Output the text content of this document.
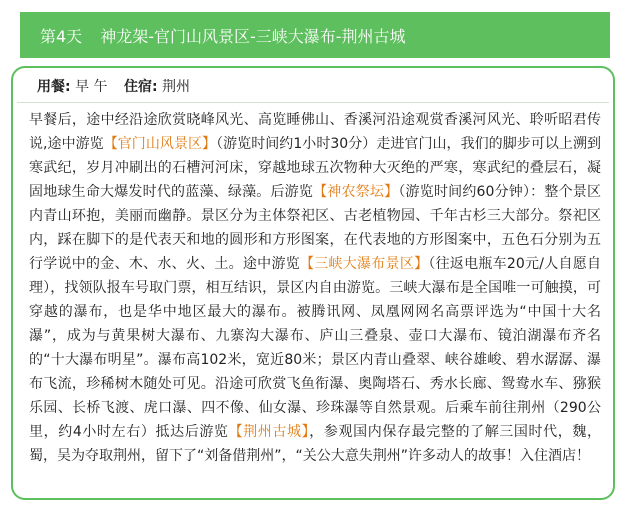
第4天 神龙架-官门山风景区-三峡大瀑布-荆州古城
用餐: 早 午 住宿: 荆州
早餐后，途中经沿途欣赏晓峰风光、高览睡佛山、香溪河沿途观赏香溪河风光、聆听昭君传说,途中游览【官门山风景区】（游览时间约1小时30分）走进官门山，我们的脚步可以上溯到寒武纪，岁月冲刷出的石槽河河床，穿越地球五次物种大灭绝的严寒，寒武纪的叠层石，凝固地球生命大爆发时代的蓝藻、绿藻。后游览【神农祭坛】（游览时间约60分钟）：整个景区内青山环抱，美丽而幽静。景区分为主体祭祀区、古老植物园、千年古杉三大部分。祭祀区内，踩在脚下的是代表天和地的圆形和方形图案，在代表地的方形图案中，五色石分别为五行学说中的金、木、水、火、土。途中游览【三峡大瀑布景区】（往返电瓶车20元/人自愿自理），找领队报车号取门票，相互结识，景区内自由游览。三峡大瀑布是全国唯一可触摸，可穿越的瀑布，也是华中地区最大的瀑布。被腾讯网、凤凰网网名高票评选为“中国十大名瀑”，成为与黄果树大瀑布、九寨沟大瀑布、庐山三叠泉、壶口大瀑布、镜泊湖瀑布齐名的“十大瀑布明星”。瀑布高102米，宽近80米；景区内青山叠翠、峡谷雄峻、碧水潺潺、瀑布飞流，珍稀树木随处可见。沿途可欣赏飞鱼衔瀑、奥陶塔石、秀水长廊、鸳鸯水车、猕猴乐园、长桥飞渡、虎口瀑、四不像、仙女瀑、珍珠瀑等自然景观。后乘车前往荆州（290公里，约4小时左右）抵达后游览【荆州古城】，参观国内保存最完整的了解三国时代，魏，蜀，吴为夺取荆州，留下了“刘备借荆州”，“关公大意失荆州”许多动人的故事！入住酒店！
